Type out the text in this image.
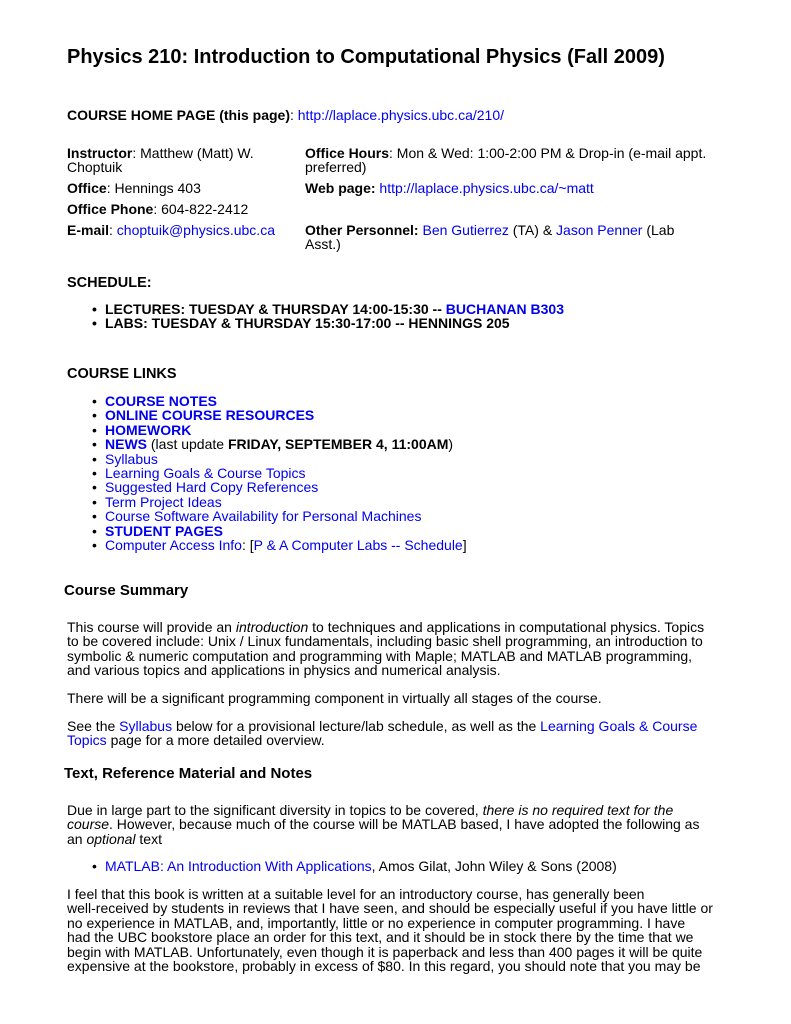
Physics 210: Introduction to Computational Physics (Fall 2009)
COURSE HOME PAGE (this page): http://laplace.physics.ubc.ca/210/
Instructor: Matthew (Matt) W.
Choptuik
Office: Hennings 403
Office Phone: 604-822-2412
E-mail: choptuik@physics.ubc.ca
Office Hours: Mon & Wed: 1:00-2:00 PM & Drop-in (e-mail appt.
preferred)
Web page: http://laplace.physics.ubc.ca/~matt
Other Personnel: Ben Gutierrez (TA) & Jason Penner (Lab
Asst.)
SCHEDULE:
• LECTURES: TUESDAY & THURSDAY 14:00-15:30 -- BUCHANAN B303
• LABS: TUESDAY & THURSDAY 15:30-17:00 -- HENNINGS 205
COURSE LINKS
• COURSE NOTES
• ONLINE COURSE RESOURCES
• HOMEWORK
• NEWS (last update FRIDAY, SEPTEMBER 4, 11:00AM)
• Syllabus
• Learning Goals & Course Topics
• Suggested Hard Copy References
• Term Project Ideas
• Course Software Availability for Personal Machines
• STUDENT PAGES
• Computer Access Info: [P & A Computer Labs -- Schedule]
Course Summary
This course will provide an introduction to techniques and applications in computational physics. Topics
to be covered include: Unix / Linux fundamentals, including basic shell programming, an introduction to
symbolic & numeric computation and programming with Maple; MATLAB and MATLAB programming,
and various topics and applications in physics and numerical analysis.
There will be a significant programming component in virtually all stages of the course.
See the Syllabus below for a provisional lecture/lab schedule, as well as the Learning Goals & Course
Topics page for a more detailed overview.
Text, Reference Material and Notes
Due in large part to the significant diversity in topics to be covered, there is no required text for the
course. However, because much of the course will be MATLAB based, I have adopted the following as
an optional text
• MATLAB: An Introduction With Applications, Amos Gilat, John Wiley & Sons (2008)
I feel that this book is written at a suitable level for an introductory course, has generally been
well-received by students in reviews that I have seen, and should be especially useful if you have little or
no experience in MATLAB, and, importantly, little or no experience in computer programming. I have
had the UBC bookstore place an order for this text, and it should be in stock there by the time that we
begin with MATLAB. Unfortunately, even though it is paperback and less than 400 pages it will be quite
expensive at the bookstore, probably in excess of $80. In this regard, you should note that you may be
